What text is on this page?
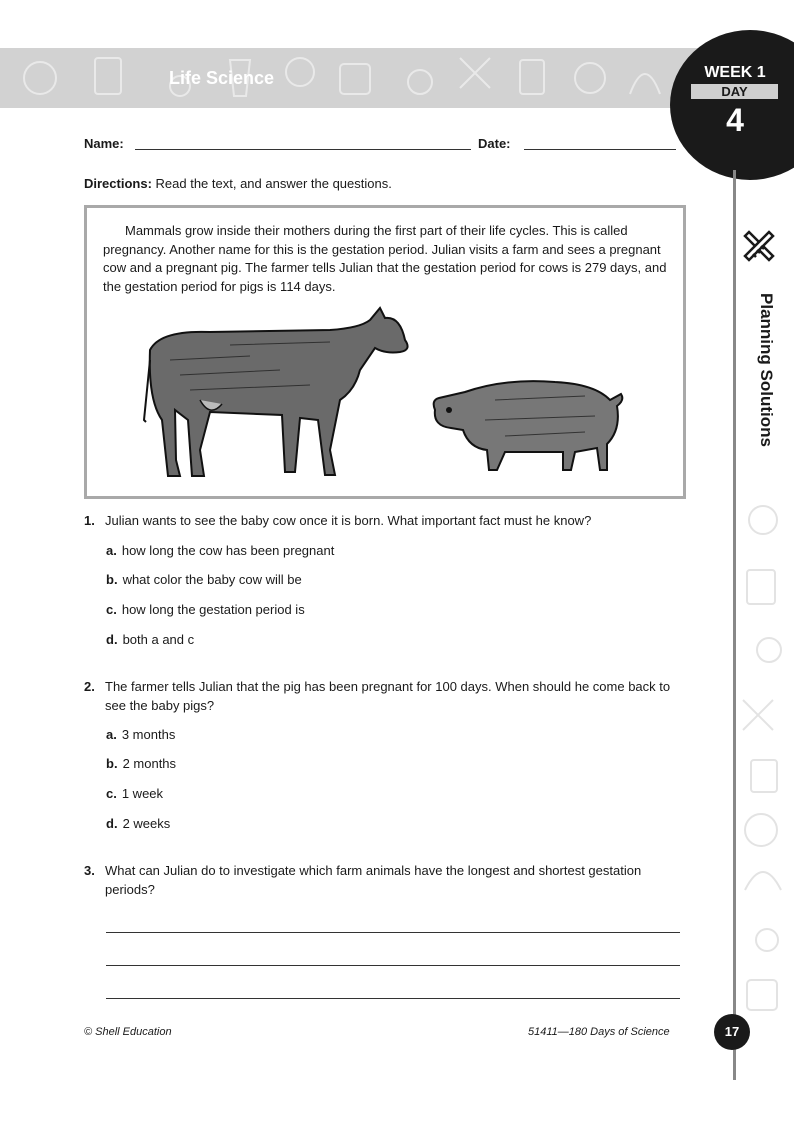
Life Science	WEEK 1
DAY
4
Planning Solutions
Name:	Date:
Directions: Read the text, and answer the questions.
Mammals grow inside their mothers during the first part of their life cycles. This is called pregnancy. Another name for this is the gestation period. Julian visits a farm and sees a pregnant cow and a pregnant pig. The farmer tells Julian that the gestation period for cows is 279 days, and the gestation period for pigs is 114 days.
1. Julian wants to see the baby cow once it is born. What important fact must he know?
a. how long the cow has been pregnant
b. what color the baby cow will be
c. how long the gestation period is
d. both a and c
2. The farmer tells Julian that the pig has been pregnant for 100 days. When should he come back to see the baby pigs?
a. 3 months
b. 2 months
c. 1 week
d. 2 weeks
3. What can Julian do to investigate which farm animals have the longest and shortest gestation periods?
© Shell Education	51411—180 Days of Science	17
